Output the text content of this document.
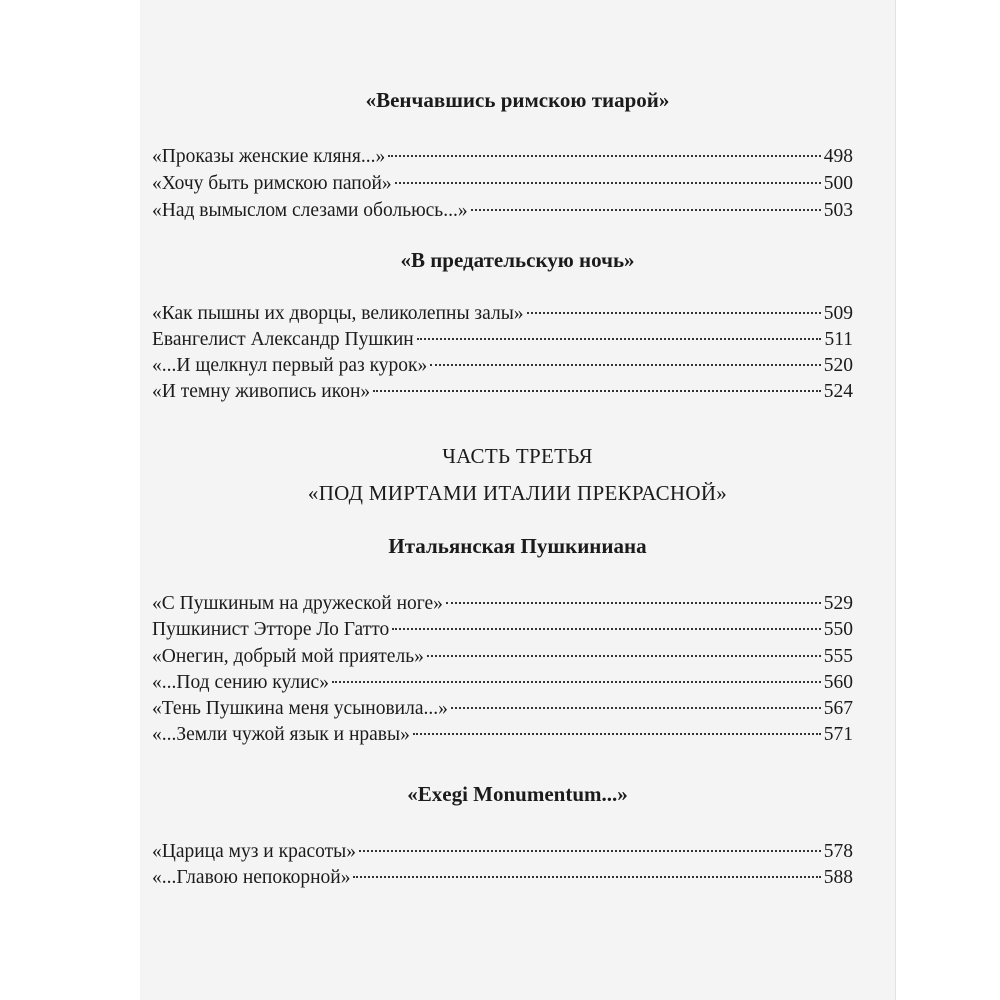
«Венчавшись римскою тиарой»
«Проказы женские кляня...»	498
«Хочу быть римскою папой»	500
«Над вымыслом слезами обольюсь...»	503
«В предательскую ночь»
«Как пышны их дворцы, великолепны залы»	509
Евангелист Александр Пушкин	511
«...И щелкнул первый раз курок»	520
«И темну живопись икон»	524
ЧАСТЬ ТРЕТЬЯ
«ПОД МИРТАМИ ИТАЛИИ ПРЕКРАСНОЙ»
Итальянская Пушкиниана
«С Пушкиным на дружеской ноге»	529
Пушкинист Этторе Ло Гатто	550
«Онегин, добрый мой приятель»	555
«...Под сению кулис»	560
«Тень Пушкина меня усыновила...»	567
«...Земли чужой язык и нравы»	571
«Exegi Monumentum...»
«Царица муз и красоты»	578
«...Главою непокорной»	588
